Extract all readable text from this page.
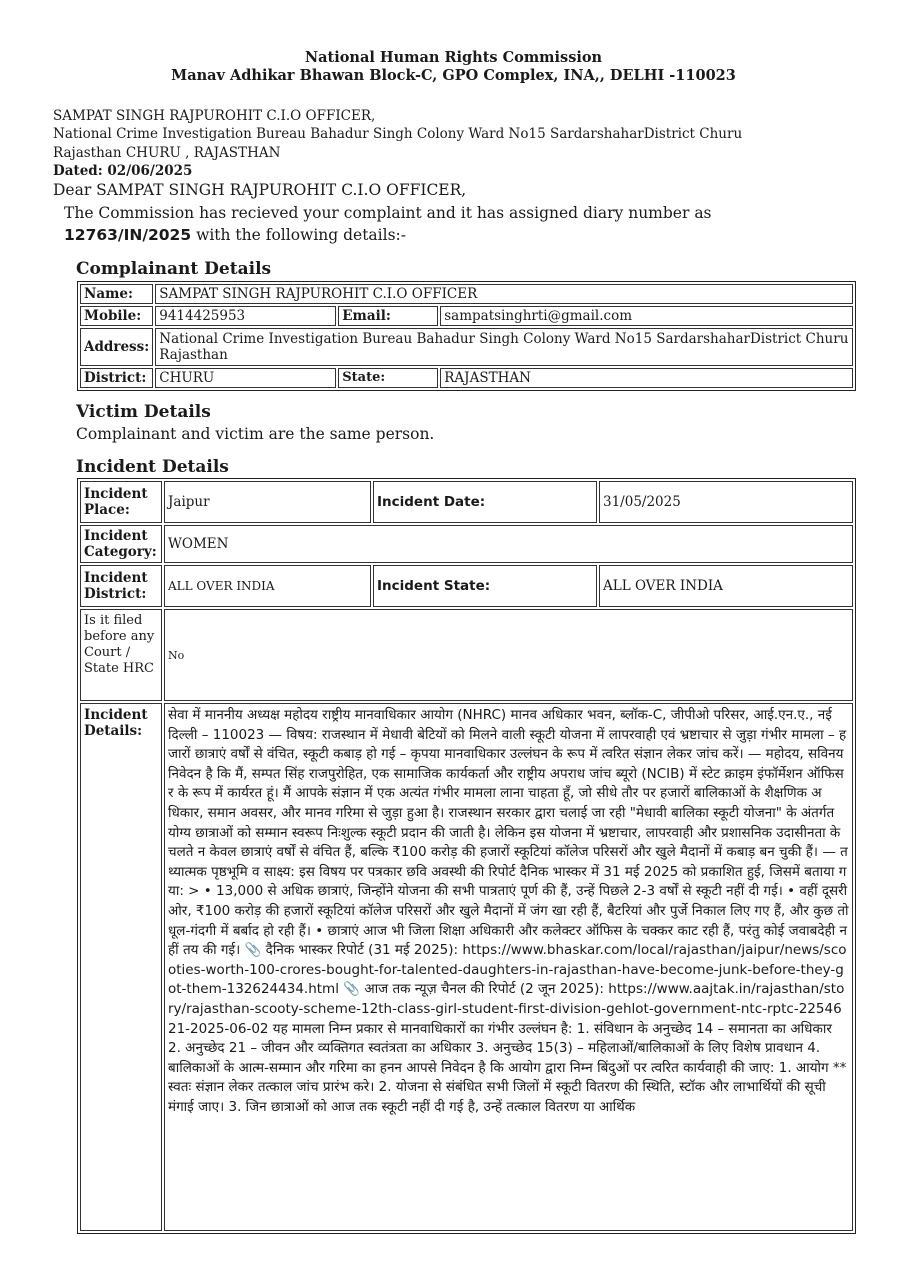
National Human Rights Commission
Manav Adhikar Bhawan Block-C, GPO Complex, INA,, DELHI -110023
SAMPAT SINGH RAJPUROHIT C.I.O OFFICER,
National Crime Investigation Bureau Bahadur Singh Colony Ward No15 SardarshaharDistrict Churu
Rajasthan CHURU , RAJASTHAN
Dated: 02/06/2025
Dear SAMPAT SINGH RAJPUROHIT C.I.O OFFICER,
The Commission has recieved your complaint and it has assigned diary number as
12763/IN/2025 with the following details:-
Complainant Details
Name:	SAMPAT SINGH RAJPUROHIT C.I.O OFFICER		
Mobile:	9414425953	Email:	sampatsinghrti@gmail.com
Address:	National Crime Investigation Bureau Bahadur Singh Colony Ward No15 SardarshaharDistrict Churu Rajasthan		
District:	CHURU	State:	RAJASTHAN
Victim Details
Complainant and victim are the same person.
Incident Details
Incident Place:	Jaipur	Incident Date:	31/05/2025
Incident Category:	WOMEN		
Incident District:	ALL OVER INDIA	Incident State:	ALL OVER INDIA
Is it filed before any Court / State HRC	No		
Incident Details:	सेवा में माननीय अध्यक्ष महोदय राष्ट्रीय मानवाधिकार आयोग (NHRC) मानव अधिकार भवन, ब्लॉक-C, जीपीओ परिसर, आई.एन.ए., नई दिल्ली – 110023 — विषय: राजस्थान में मेधावी बेटियों को मिलने वाली स्कूटी योजना में लापरवाही एवं भ्रष्टाचार से जुड़ा गंभीर मामला – हजारों छात्राएं वर्षों से वंचित, स्कूटी कबाड़ हो गई – कृपया मानवाधिकार उल्लंघन के रूप में त्वरित संज्ञान लेकर जांच करें। — महोदय, सविनय निवेदन है कि मैं, सम्पत सिंह राजपुरोहित, एक सामाजिक कार्यकर्ता और राष्ट्रीय अपराध जांच ब्यूरो (NCIB) में स्टेट क्राइम इंफॉर्मेशन ऑफिसर के रूप में कार्यरत हूं। मैं आपके संज्ञान में एक अत्यंत गंभीर मामला लाना चाहता हूँ, जो सीधे तौर पर हजारों बालिकाओं के शैक्षणिक अधिकार, समान अवसर, और मानव गरिमा से जुड़ा हुआ है। राजस्थान सरकार द्वारा चलाई जा रही "मेधावी बालिका स्कूटी योजना" के अंतर्गत योग्य छात्राओं को सम्मान स्वरूप निःशुल्क स्कूटी प्रदान की जाती है। लेकिन इस योजना में भ्रष्टाचार, लापरवाही और प्रशासनिक उदासीनता के चलते न केवल छात्राएं वर्षों से वंचित हैं, बल्कि ₹100 करोड़ की हजारों स्कूटियां कॉलेज परिसरों और खुले मैदानों में कबाड़ बन चुकी हैं। — तथ्यात्मक पृष्ठभूमि व साक्ष्य: इस विषय पर पत्रकार छवि अवस्थी की रिपोर्ट दैनिक भास्कर में 31 मई 2025 को प्रकाशित हुई, जिसमें बताया गया: > • 13,000 से अधिक छात्राएं, जिन्होंने योजना की सभी पात्रताएं पूर्ण की हैं, उन्हें पिछले 2-3 वर्षों से स्कूटी नहीं दी गई। • वहीं दूसरी ओर, ₹100 करोड़ की हजारों स्कूटियां कॉलेज परिसरों और खुले मैदानों में जंग खा रही हैं, बैटरियां और पुर्जे निकाल लिए गए हैं, और कुछ तो धूल-गंदगी में बर्बाद हो रही हैं। • छात्राएं आज भी जिला शिक्षा अधिकारी और कलेक्टर ऑफिस के चक्कर काट रही हैं, परंतु कोई जवाबदेही नहीं तय की गई। 📎 दैनिक भास्कर रिपोर्ट (31 मई 2025): https://www.bhaskar.com/local/rajasthan/jaipur/news/scooties-worth-100-crores-bought-for-talented-daughters-in-rajasthan-have-become-junk-before-they-got-them-132624434.html 📎 आज तक न्यूज़ चैनल की रिपोर्ट (2 जून 2025): https://www.aajtak.in/rajasthan/story/rajasthan-scooty-scheme-12th-class-girl-student-first-division-gehlot-government-ntc-rptc-2254621-2025-06-02 यह मामला निम्न प्रकार से मानवाधिकारों का गंभीर उल्लंघन है: 1. संविधान के अनुच्छेद 14 – समानता का अधिकार 2. अनुच्छेद 21 – जीवन और व्यक्तिगत स्वतंत्रता का अधिकार 3. अनुच्छेद 15(3) – महिलाओं/बालिकाओं के लिए विशेष प्रावधान 4. बालिकाओं के आत्म-सम्मान और गरिमा का हनन आपसे निवेदन है कि आयोग द्वारा निम्न बिंदुओं पर त्वरित कार्यवाही की जाए: 1. आयोग **स्वतः संज्ञान लेकर तत्काल जांच प्रारंभ करे। 2. योजना से संबंधित सभी जिलों में स्कूटी वितरण की स्थिति, स्टॉक और लाभार्थियों की सूची मंगाई जाए। 3. जिन छात्राओं को आज तक स्कूटी नहीं दी गई है, उन्हें तत्काल वितरण या आर्थिक		
